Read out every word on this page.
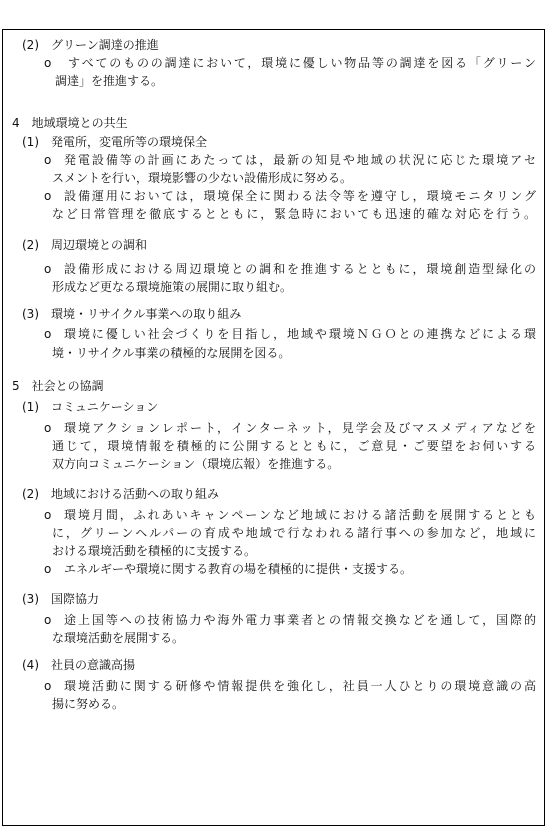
(2)　グリーン調達の推進
o すべてのものの調達において，環境に優しい物品等の調達を図る「グリーン
調達」を推進する。
4　地域環境との共生
(1)　発電所，変電所等の環境保全
o 発電設備等の計画にあたっては，最新の知見や地域の状況に応じた環境アセ
スメントを行い，環境影響の少ない設備形成に努める。
o 設備運用においては，環境保全に関わる法令等を遵守し，環境モニタリング
など日常管理を徹底するとともに，緊急時においても迅速的確な対応を行う。
(2)　周辺環境との調和
o 設備形成における周辺環境との調和を推進するとともに，環境創造型緑化の
形成など更なる環境施策の展開に取り組む。
(3)　環境・リサイクル事業への取り組み
o 環境に優しい社会づくりを目指し，地域や環境ＮＧＯとの連携などによる環
境・リサイクル事業の積極的な展開を図る。
5　社会との協調
(1)　コミュニケーション
o 環境アクションレポート，インターネット，見学会及びマスメディアなどを
通じて，環境情報を積極的に公開するとともに，ご意見・ご要望をお伺いする
双方向コミュニケーション（環境広報）を推進する。
(2)　地域における活動への取り組み
o 環境月間，ふれあいキャンペーンなど地域における諸活動を展開するととも
に，グリーンヘルパーの育成や地域で行なわれる諸行事への参加など，地域に
おける環境活動を積極的に支援する。
o エネルギーや環境に関する教育の場を積極的に提供・支援する。
(3)　国際協力
o 途上国等への技術協力や海外電力事業者との情報交換などを通して，国際的
な環境活動を展開する。
(4)　社員の意識高揚
o 環境活動に関する研修や情報提供を強化し，社員一人ひとりの環境意識の高
揚に努める。
